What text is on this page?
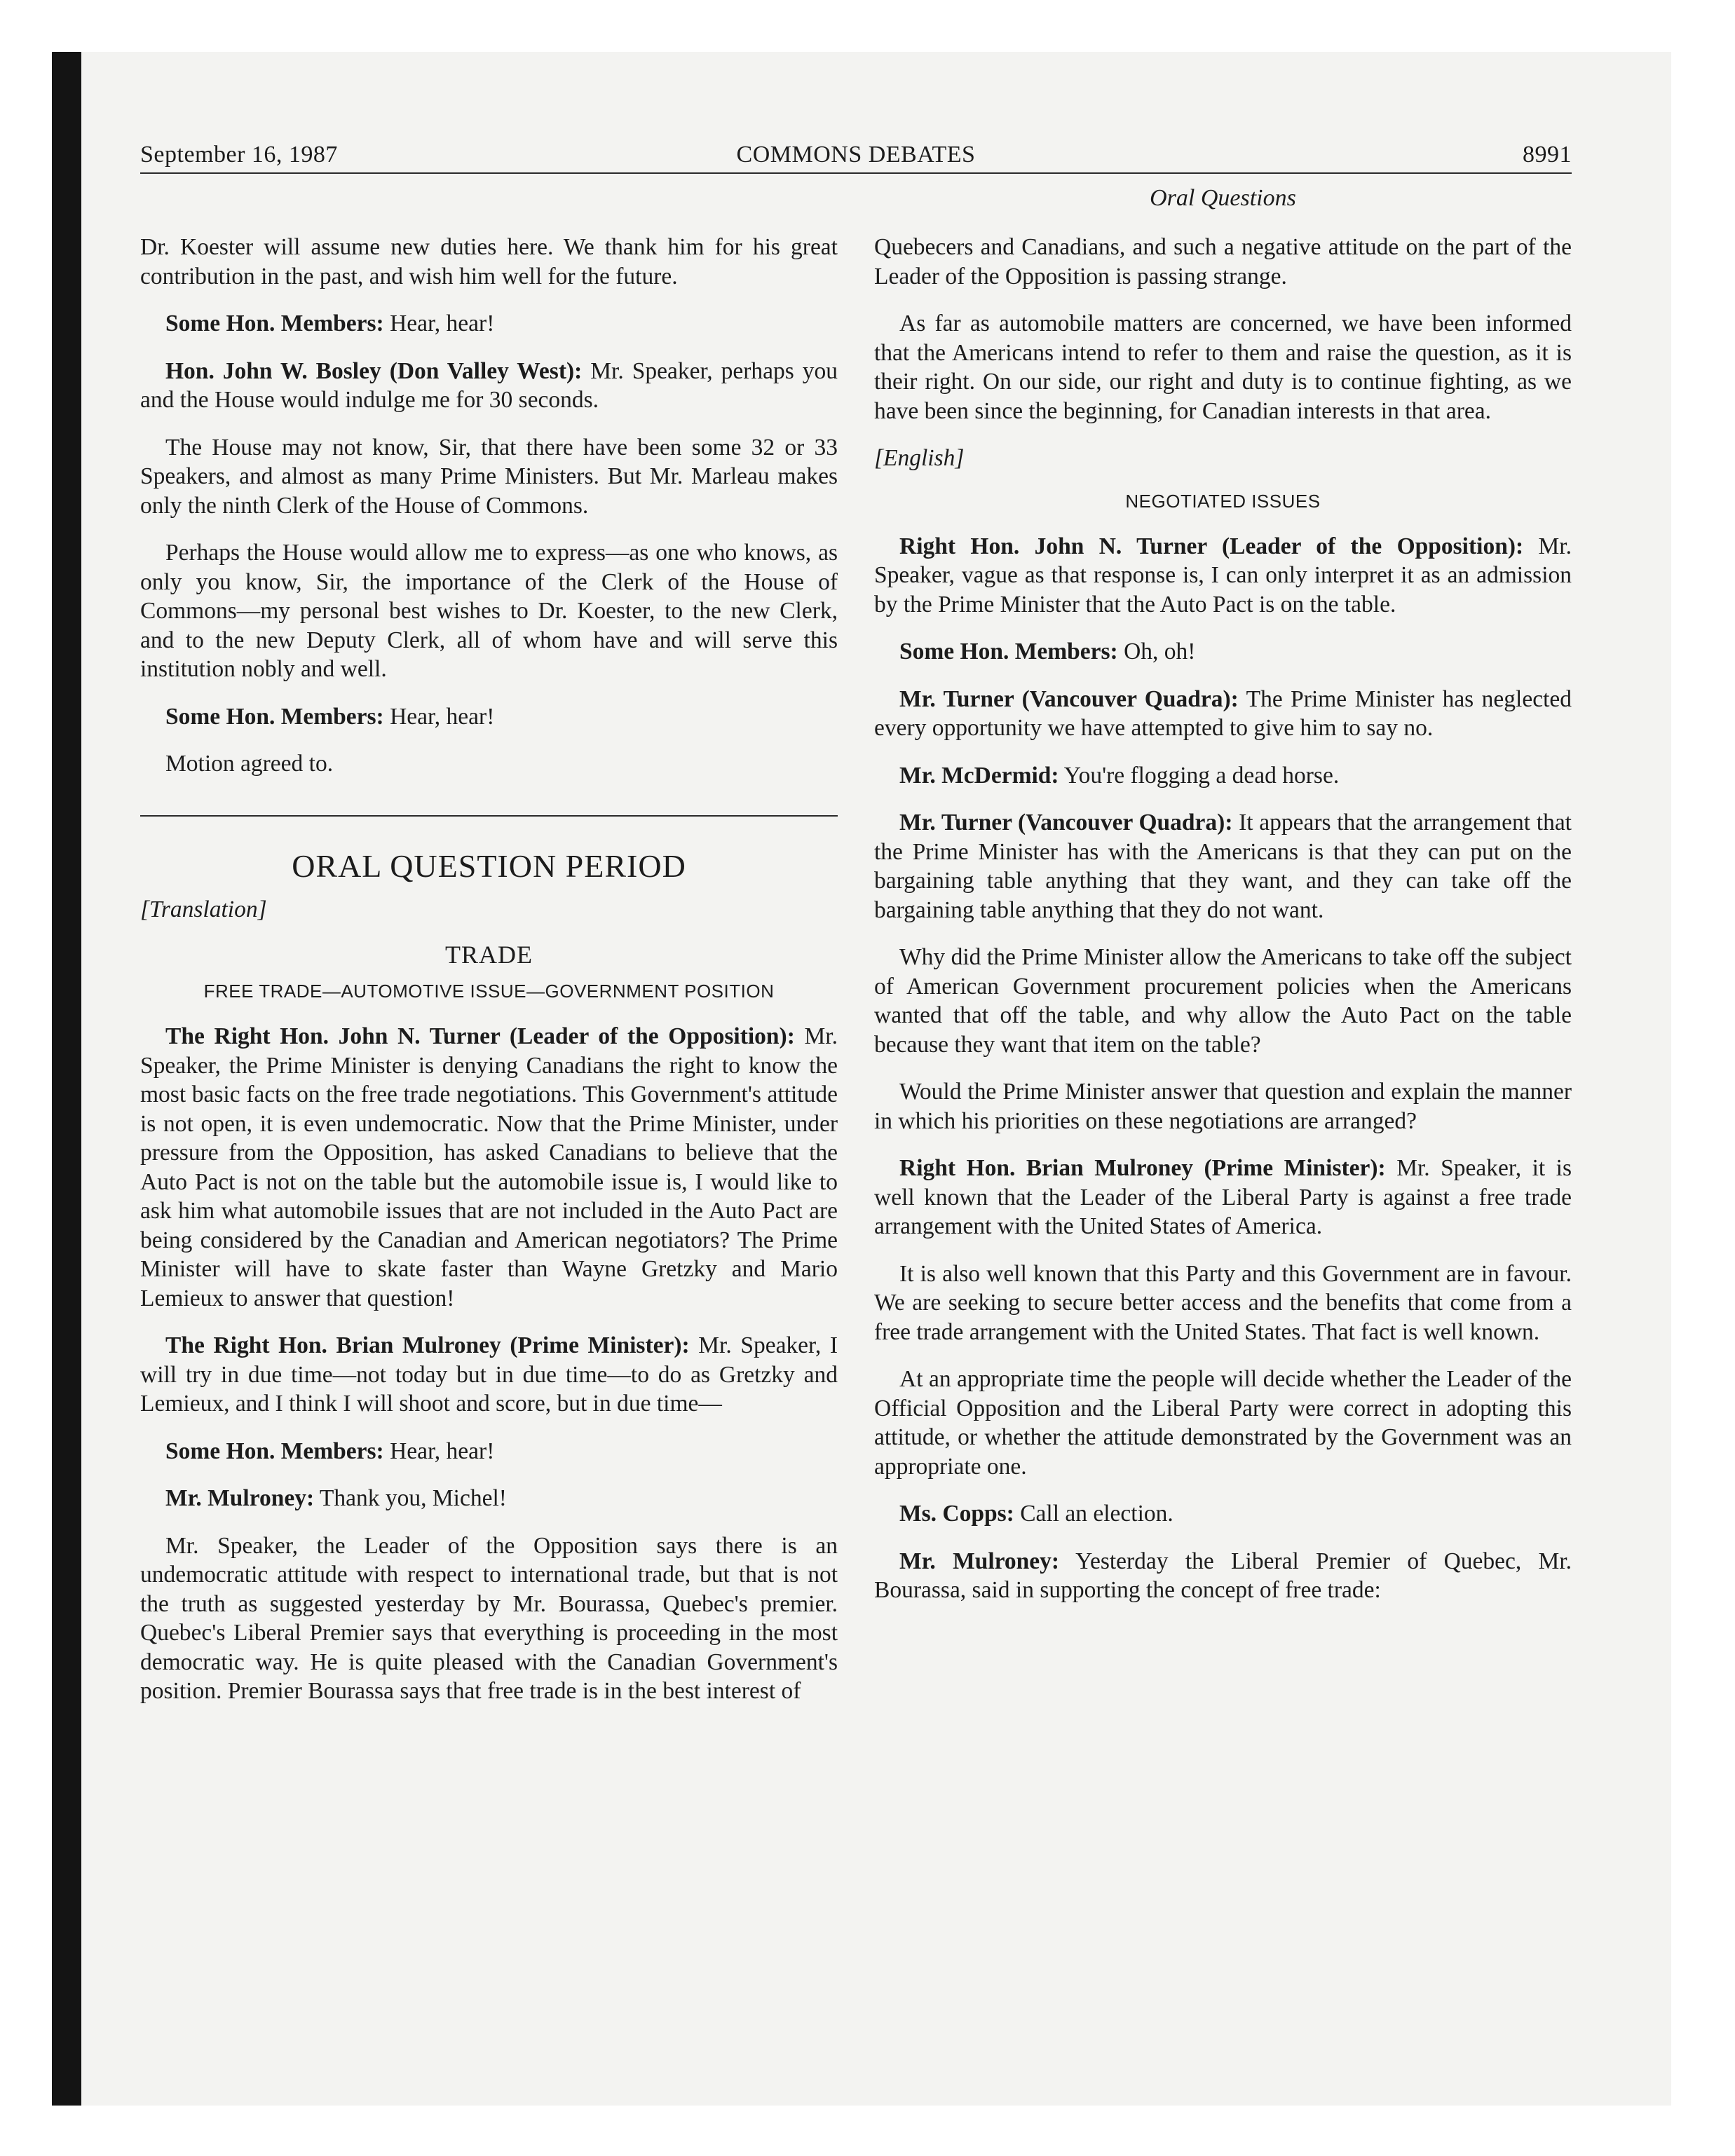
September 16, 1987	COMMONS DEBATES	8991

Dr. Koester will assume new duties here. We thank him for his great contribution in the past, and wish him well for the future.

Some Hon. Members: Hear, hear!

Hon. John W. Bosley (Don Valley West): Mr. Speaker, perhaps you and the House would indulge me for 30 seconds.

The House may not know, Sir, that there have been some 32 or 33 Speakers, and almost as many Prime Ministers. But Mr. Marleau makes only the ninth Clerk of the House of Commons.

Perhaps the House would allow me to express—as one who knows, as only you know, Sir, the importance of the Clerk of the House of Commons—my personal best wishes to Dr. Koester, to the new Clerk, and to the new Deputy Clerk, all of whom have and will serve this institution nobly and well.

Some Hon. Members: Hear, hear!

Motion agreed to.

ORAL QUESTION PERIOD
[Translation]
TRADE
FREE TRADE—AUTOMOTIVE ISSUE—GOVERNMENT POSITION

The Right Hon. John N. Turner (Leader of the Opposition): Mr. Speaker, the Prime Minister is denying Canadians the right to know the most basic facts on the free trade negotiations. This Government's attitude is not open, it is even undemocratic. Now that the Prime Minister, under pressure from the Opposition, has asked Canadians to believe that the Auto Pact is not on the table but the automobile issue is, I would like to ask him what automobile issues that are not included in the Auto Pact are being considered by the Canadian and American negotiators? The Prime Minister will have to skate faster than Wayne Gretzky and Mario Lemieux to answer that question!

The Right Hon. Brian Mulroney (Prime Minister): Mr. Speaker, I will try in due time—not today but in due time—to do as Gretzky and Lemieux, and I think I will shoot and score, but in due time—

Some Hon. Members: Hear, hear!

Mr. Mulroney: Thank you, Michel!

Mr. Speaker, the Leader of the Opposition says there is an undemocratic attitude with respect to international trade, but that is not the truth as suggested yesterday by Mr. Bourassa, Quebec's premier. Quebec's Liberal Premier says that everything is proceeding in the most democratic way. He is quite pleased with the Canadian Government's position. Premier Bourassa says that free trade is in the best interest of

Oral Questions

Quebecers and Canadians, and such a negative attitude on the part of the Leader of the Opposition is passing strange.

As far as automobile matters are concerned, we have been informed that the Americans intend to refer to them and raise the question, as it is their right. On our side, our right and duty is to continue fighting, as we have been since the beginning, for Canadian interests in that area.

[English]
NEGOTIATED ISSUES

Right Hon. John N. Turner (Leader of the Opposition): Mr. Speaker, vague as that response is, I can only interpret it as an admission by the Prime Minister that the Auto Pact is on the table.

Some Hon. Members: Oh, oh!

Mr. Turner (Vancouver Quadra): The Prime Minister has neglected every opportunity we have attempted to give him to say no.

Mr. McDermid: You're flogging a dead horse.

Mr. Turner (Vancouver Quadra): It appears that the arrangement that the Prime Minister has with the Americans is that they can put on the bargaining table anything that they want, and they can take off the bargaining table anything that they do not want.

Why did the Prime Minister allow the Americans to take off the subject of American Government procurement policies when the Americans wanted that off the table, and why allow the Auto Pact on the table because they want that item on the table?

Would the Prime Minister answer that question and explain the manner in which his priorities on these negotiations are arranged?

Right Hon. Brian Mulroney (Prime Minister): Mr. Speaker, it is well known that the Leader of the Liberal Party is against a free trade arrangement with the United States of America.

It is also well known that this Party and this Government are in favour. We are seeking to secure better access and the benefits that come from a free trade arrangement with the United States. That fact is well known.

At an appropriate time the people will decide whether the Leader of the Official Opposition and the Liberal Party were correct in adopting this attitude, or whether the attitude demonstrated by the Government was an appropriate one.

Ms. Copps: Call an election.

Mr. Mulroney: Yesterday the Liberal Premier of Quebec, Mr. Bourassa, said in supporting the concept of free trade:
